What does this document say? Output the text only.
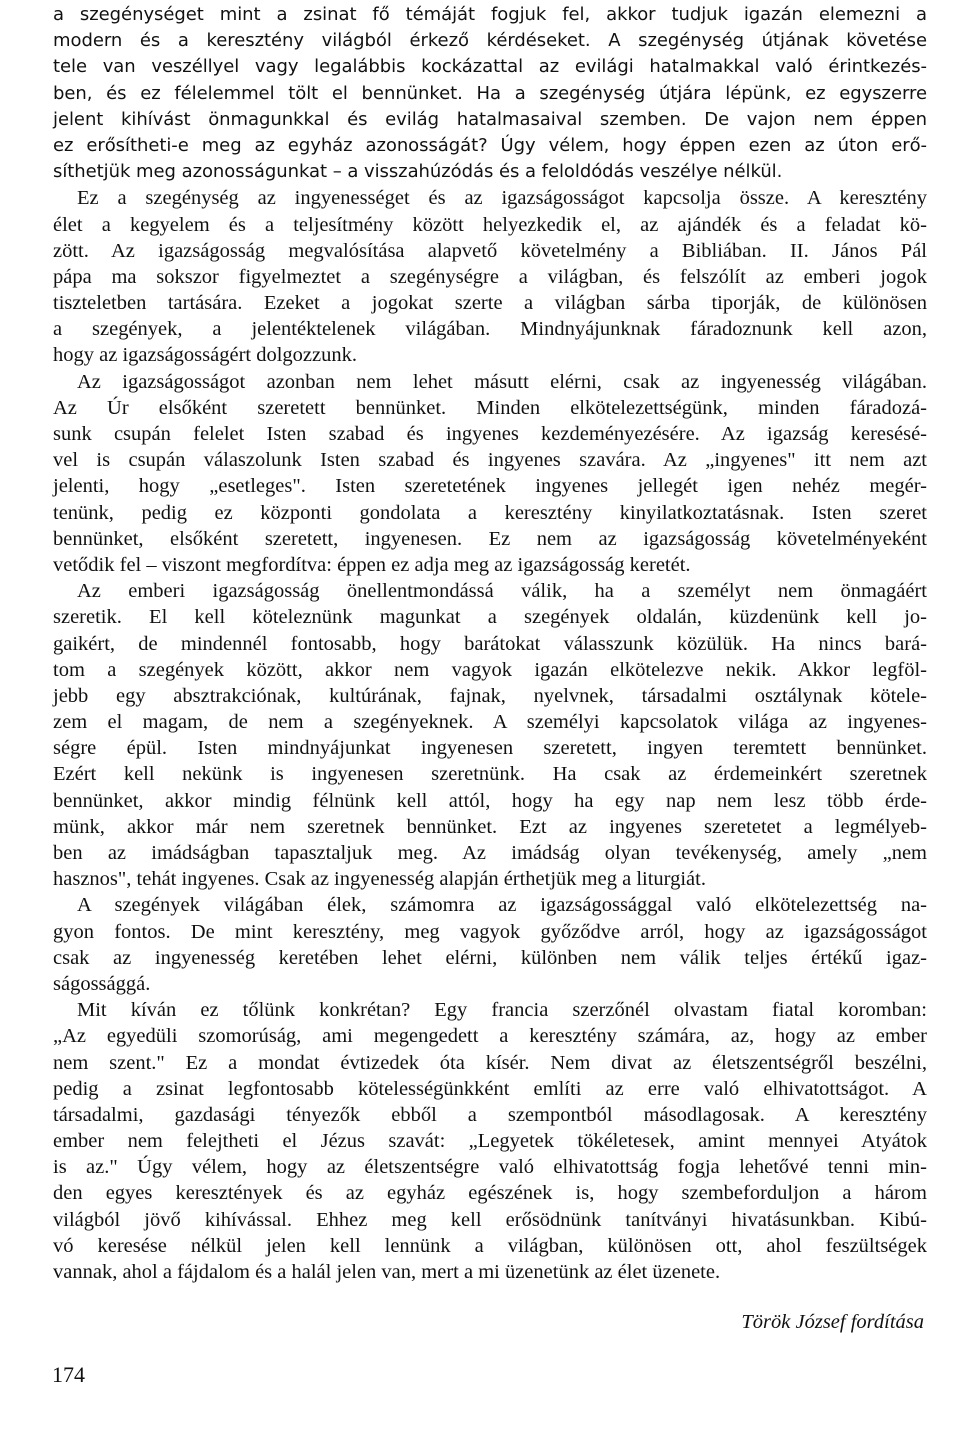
a szegénységet mint a zsinat fő témáját fogjuk fel, akkor tudjuk igazán elemezni a
modern és a keresztény világból érkező kérdéseket. A szegénység útjának követése
tele van veszéllyel vagy legalábbis kockázattal az evilági hatalmakkal való érintkezés-
ben, és ez félelemmel tölt el bennünket. Ha a szegénység útjára lépünk, ez egyszerre
jelent kihívást önmagunkkal és evilág hatalmasaival szemben. De vajon nem éppen
ez erősítheti-e meg az egyház azonosságát? Úgy vélem, hogy éppen ezen az úton erő-
síthetjük meg azonosságunkat – a visszahúzódás és a feloldódás veszélye nélkül.
Ez a szegénység az ingyenességet és az igazságosságot kapcsolja össze. A keresztény
élet a kegyelem és a teljesítmény között helyezkedik el, az ajándék és a feladat kö-
zött. Az igazságosság megvalósítása alapvető követelmény a Bibliában. II. János Pál
pápa ma sokszor figyelmeztet a szegénységre a világban, és felszólít az emberi jogok
tiszteletben tartására. Ezeket a jogokat szerte a világban sárba tiporják, de különösen
a szegények, a jelentéktelenek világában. Mindnyájunknak fáradoznunk kell azon,
hogy az igazságosságért dolgozzunk.
Az igazságosságot azonban nem lehet másutt elérni, csak az ingyenesség világában.
Az Úr elsőként szeretett bennünket. Minden elkötelezettségünk, minden fáradozá-
sunk csupán felelet Isten szabad és ingyenes kezdeményezésére. Az igazság keresésé-
vel is csupán válaszolunk Isten szabad és ingyenes szavára. Az „ingyenes" itt nem azt
jelenti, hogy „esetleges". Isten szeretetének ingyenes jellegét igen nehéz megér-
tenünk, pedig ez központi gondolata a keresztény kinyilatkoztatásnak. Isten szeret
bennünket, elsőként szeretett, ingyenesen. Ez nem az igazságosság követelményeként
vetődik fel – viszont megfordítva: éppen ez adja meg az igazságosság keretét.
Az emberi igazságosság önellentmondássá válik, ha a személyt nem önmagáért
szeretik. El kell köteleznünk magunkat a szegények oldalán, küzdenünk kell jo-
gaikért, de mindennél fontosabb, hogy barátokat válasszunk közülük. Ha nincs bará-
tom a szegények között, akkor nem vagyok igazán elkötelezve nekik. Akkor legföl-
jebb egy absztrakciónak, kultúrának, fajnak, nyelvnek, társadalmi osztálynak kötele-
zem el magam, de nem a szegényeknek. A személyi kapcsolatok világa az ingyenes-
ségre épül. Isten mindnyájunkat ingyenesen szeretett, ingyen teremtett bennünket.
Ezért kell nekünk is ingyenesen szeretnünk. Ha csak az érdemeinkért szeretnek
bennünket, akkor mindig félnünk kell attól, hogy ha egy nap nem lesz több érde-
münk, akkor már nem szeretnek bennünket. Ezt az ingyenes szeretetet a legmélyeb-
ben az imádságban tapasztaljuk meg. Az imádság olyan tevékenység, amely „nem
hasznos", tehát ingyenes. Csak az ingyenesség alapján érthetjük meg a liturgiát.
A szegények világában élek, számomra az igazságossággal való elkötelezettség na-
gyon fontos. De mint keresztény, meg vagyok győződve arról, hogy az igazságosságot
csak az ingyenesség keretében lehet elérni, különben nem válik teljes értékű igaz-
ságossággá.
Mit kíván ez tőlünk konkrétan? Egy francia szerzőnél olvastam fiatal koromban:
„Az egyedüli szomorúság, ami megengedett a keresztény számára, az, hogy az ember
nem szent." Ez a mondat évtizedek óta kísér. Nem divat az életszentségről beszélni,
pedig a zsinat legfontosabb kötelességünkként említi az erre való elhivatottságot. A
társadalmi, gazdasági tényezők ebből a szempontból másodlagosak. A keresztény
ember nem felejtheti el Jézus szavát: „Legyetek tökéletesek, amint mennyei Atyátok
is az." Úgy vélem, hogy az életszentségre való elhivatottság fogja lehetővé tenni min-
den egyes keresztények és az egyház egészének is, hogy szembeforduljon a három
világból jövő kihívással. Ehhez meg kell erősödnünk tanítványi hivatásunkban. Kibú-
vó keresése nélkül jelen kell lennünk a világban, különösen ott, ahol feszültségek
vannak, ahol a fájdalom és a halál jelen van, mert a mi üzenetünk az élet üzenete.
Török József fordítása
174
